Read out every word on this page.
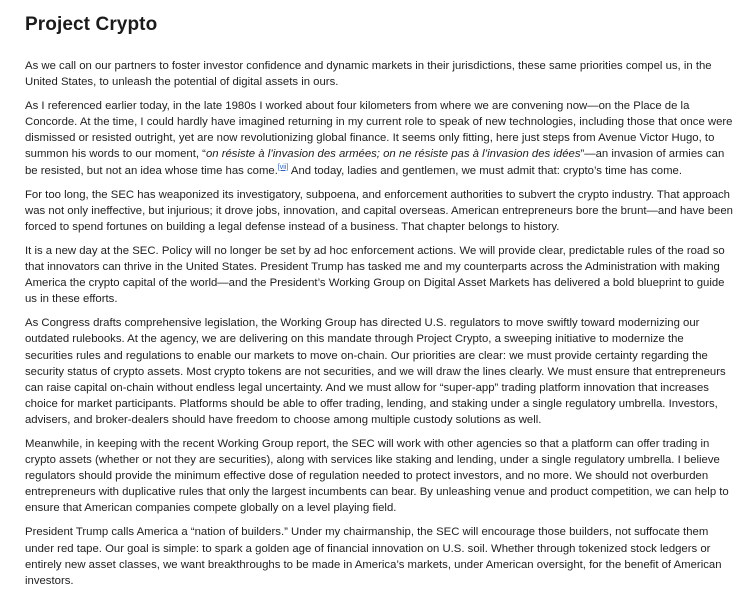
Project Crypto

As we call on our partners to foster investor confidence and dynamic markets in their jurisdictions, these same priorities compel us, in the United States, to unleash the potential of digital assets in ours.

As I referenced earlier today, in the late 1980s I worked about four kilometers from where we are convening now—on the Place de la Concorde. At the time, I could hardly have imagined returning in my current role to speak of new technologies, including those that once were dismissed or resisted outright, yet are now revolutionizing global finance. It seems only fitting, here just steps from Avenue Victor Hugo, to summon his words to our moment, “on résiste à l’invasion des armées; on ne résiste pas à l’invasion des idées”—an invasion of armies can be resisted, but not an idea whose time has come.[vii] And today, ladies and gentlemen, we must admit that: crypto’s time has come.

For too long, the SEC has weaponized its investigatory, subpoena, and enforcement authorities to subvert the crypto industry. That approach was not only ineffective, but injurious; it drove jobs, innovation, and capital overseas. American entrepreneurs bore the brunt—and have been forced to spend fortunes on building a legal defense instead of a business. That chapter belongs to history.

It is a new day at the SEC. Policy will no longer be set by ad hoc enforcement actions. We will provide clear, predictable rules of the road so that innovators can thrive in the United States. President Trump has tasked me and my counterparts across the Administration with making America the crypto capital of the world—and the President’s Working Group on Digital Asset Markets has delivered a bold blueprint to guide us in these efforts.

As Congress drafts comprehensive legislation, the Working Group has directed U.S. regulators to move swiftly toward modernizing our outdated rulebooks. At the agency, we are delivering on this mandate through Project Crypto, a sweeping initiative to modernize the securities rules and regulations to enable our markets to move on-chain. Our priorities are clear: we must provide certainty regarding the security status of crypto assets. Most crypto tokens are not securities, and we will draw the lines clearly. We must ensure that entrepreneurs can raise capital on-chain without endless legal uncertainty. And we must allow for “super-app” trading platform innovation that increases choice for market participants. Platforms should be able to offer trading, lending, and staking under a single regulatory umbrella. Investors, advisers, and broker-dealers should have freedom to choose among multiple custody solutions as well.

Meanwhile, in keeping with the recent Working Group report, the SEC will work with other agencies so that a platform can offer trading in crypto assets (whether or not they are securities), along with services like staking and lending, under a single regulatory umbrella. I believe regulators should provide the minimum effective dose of regulation needed to protect investors, and no more. We should not overburden entrepreneurs with duplicative rules that only the largest incumbents can bear. By unleashing venue and product competition, we can help to ensure that American companies compete globally on a level playing field.

President Trump calls America a “nation of builders.” Under my chairmanship, the SEC will encourage those builders, not suffocate them under red tape. Our goal is simple: to spark a golden age of financial innovation on U.S. soil. Whether through tokenized stock ledgers or entirely new asset classes, we want breakthroughs to be made in America’s markets, under American oversight, for the benefit of American investors.
